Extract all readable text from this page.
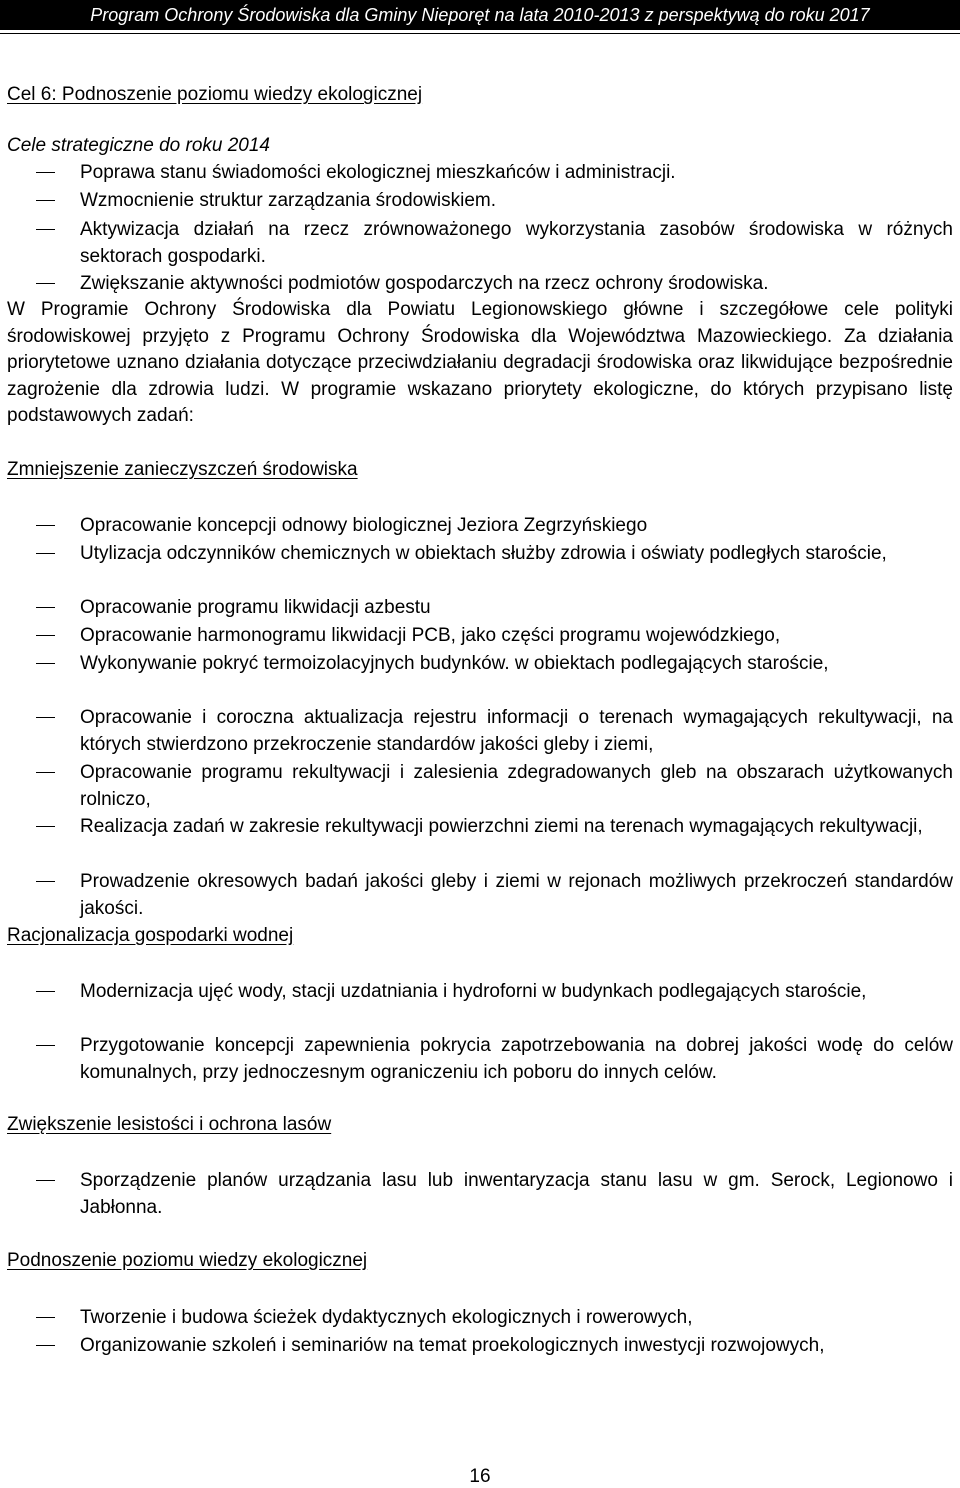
Program Ochrony Środowiska dla Gminy Nieporęt na lata 2010-2013 z perspektywą do roku 2017
Cel 6: Podnoszenie poziomu wiedzy ekologicznej
Cele strategiczne do roku 2014
Poprawa stanu świadomości ekologicznej mieszkańców i administracji.
Wzmocnienie struktur zarządzania środowiskiem.
Aktywizacja działań na rzecz zrównoważonego wykorzystania zasobów środowiska w różnych sektorach gospodarki.
Zwiększanie aktywności podmiotów gospodarczych na rzecz ochrony środowiska.
W Programie Ochrony Środowiska dla Powiatu Legionowskiego główne i szczegółowe cele polityki środowiskowej przyjęto z Programu Ochrony Środowiska dla Województwa Mazowieckiego. Za działania priorytetowe uznano działania dotyczące przeciwdziałaniu degradacji środowiska oraz likwidujące bezpośrednie zagrożenie dla zdrowia ludzi. W programie wskazano priorytety ekologiczne, do których przypisano listę podstawowych zadań:
Zmniejszenie zanieczyszczeń środowiska
Opracowanie koncepcji odnowy biologicznej Jeziora Zegrzyńskiego
Utylizacja odczynników chemicznych w obiektach służby zdrowia i oświaty podległych staroście,
Opracowanie programu likwidacji azbestu
Opracowanie harmonogramu likwidacji PCB, jako części programu wojewódzkiego,
Wykonywanie pokryć termoizolacyjnych budynków. w obiektach podlegających staroście,
Opracowanie i coroczna aktualizacja rejestru informacji o terenach wymagających rekultywacji, na których stwierdzono przekroczenie standardów jakości gleby i ziemi,
Opracowanie programu rekultywacji i zalesienia zdegradowanych gleb na obszarach użytkowanych rolniczo,
Realizacja zadań w zakresie rekultywacji powierzchni ziemi na terenach wymagających rekultywacji,
Prowadzenie okresowych badań jakości gleby i ziemi w rejonach możliwych przekroczeń standardów jakości.
Racjonalizacja gospodarki wodnej
Modernizacja ujęć wody, stacji uzdatniania i hydroforni w budynkach podlegających staroście,
Przygotowanie koncepcji zapewnienia pokrycia zapotrzebowania na dobrej jakości wodę do celów komunalnych, przy jednoczesnym ograniczeniu ich poboru do innych celów.
Zwiększenie lesistości i ochrona lasów
Sporządzenie planów urządzania lasu lub inwentaryzacja stanu lasu w gm. Serock, Legionowo i Jabłonna.
Podnoszenie poziomu wiedzy ekologicznej
Tworzenie i budowa ścieżek dydaktycznych ekologicznych i rowerowych,
Organizowanie szkoleń i seminariów na temat proekologicznych inwestycji rozwojowych,
16
